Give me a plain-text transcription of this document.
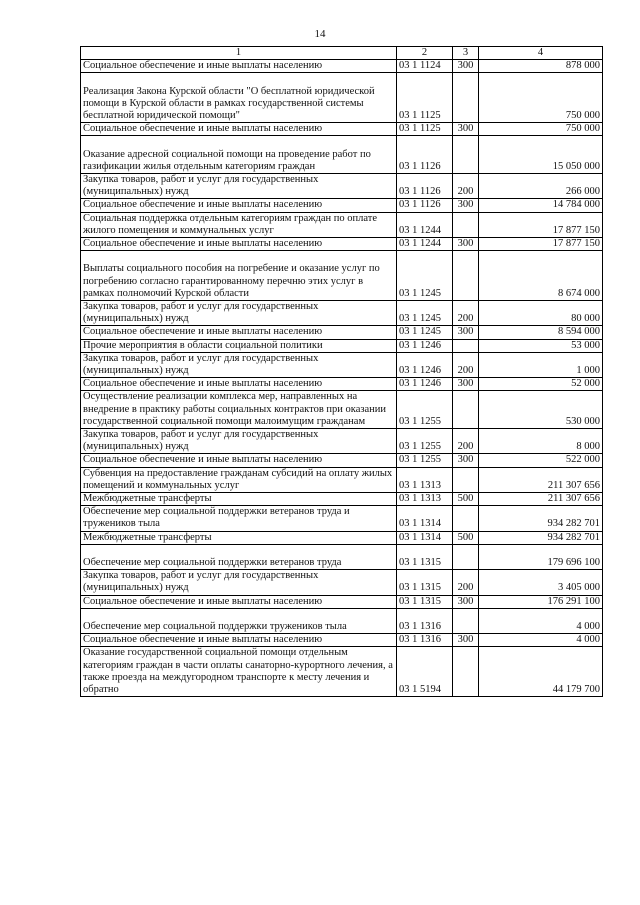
14
1	2	3	4
Социальное обеспечение и иные выплаты населению	03 1 1124	300	878 000

Реализация Закона Курской области "О бесплатной юридической помощи в Курской области в рамках государственной системы бесплатной юридической помощи"	03 1 1125		750 000
Социальное обеспечение и иные выплаты населению	03 1 1125	300	750 000

Оказание адресной социальной помощи на проведение работ по газификации жилья отдельным категориям граждан	03 1 1126		15 050 000
Закупка товаров, работ и услуг для государственных (муниципальных) нужд	03 1 1126	200	266 000
Социальное обеспечение и иные выплаты населению	03 1 1126	300	14 784 000
Социальная поддержка отдельным категориям граждан по оплате жилого помещения и коммунальных услуг	03 1 1244		17 877 150
Социальное обеспечение и иные выплаты населению	03 1 1244	300	17 877 150

Выплаты социального пособия на погребение и оказание услуг по погребению согласно гарантированному перечню этих услуг в рамках полномочий Курской области	03 1 1245		8 674 000
Закупка товаров, работ и услуг для государственных (муниципальных) нужд	03 1 1245	200	80 000
Социальное обеспечение и иные выплаты населению	03 1 1245	300	8 594 000
Прочие мероприятия в области социальной политики	03 1 1246		53 000
Закупка товаров, работ и услуг для государственных (муниципальных) нужд	03 1 1246	200	1 000
Социальное обеспечение и иные выплаты населению	03 1 1246	300	52 000
Осуществление реализации комплекса мер, направленных на внедрение в практику работы социальных контрактов при оказании государственной социальной помощи малоимущим гражданам	03 1 1255		530 000
Закупка товаров, работ и услуг для государственных (муниципальных) нужд	03 1 1255	200	8 000
Социальное обеспечение и иные выплаты населению	03 1 1255	300	522 000
Субвенция на предоставление гражданам субсидий на оплату жилых помещений и коммунальных услуг	03 1 1313		211 307 656
Межбюджетные трансферты	03 1 1313	500	211 307 656
Обеспечение мер социальной поддержки ветеранов труда и тружеников тыла	03 1 1314		934 282 701
Межбюджетные трансферты	03 1 1314	500	934 282 701

Обеспечение мер социальной поддержки ветеранов труда	03 1 1315		179 696 100
Закупка товаров, работ и услуг для государственных (муниципальных) нужд	03 1 1315	200	3 405 000
Социальное обеспечение и иные выплаты населению	03 1 1315	300	176 291 100

Обеспечение мер социальной поддержки тружеников тыла	03 1 1316		4 000
Социальное обеспечение и иные выплаты населению	03 1 1316	300	4 000
Оказание государственной социальной помощи отдельным категориям граждан в части оплаты санаторно-курортного лечения, а также проезда на междугородном транспорте к месту лечения и обратно	03 1 5194		44 179 700
